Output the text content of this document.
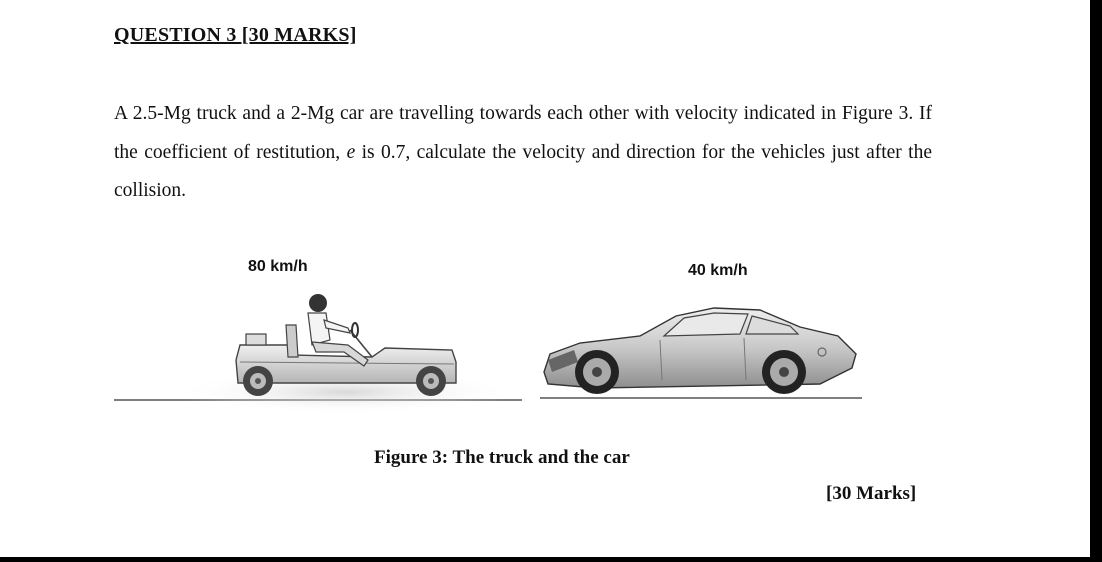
QUESTION 3 [30 MARKS]

A 2.5-Mg truck and a 2-Mg car are travelling towards each other with velocity indicated in Figure 3. If the coefficient of restitution, e is 0.7, calculate the velocity and direction for the vehicles just after the collision.

80 km/h	40 km/h
Figure 3: The truck and the car
[30 Marks]
